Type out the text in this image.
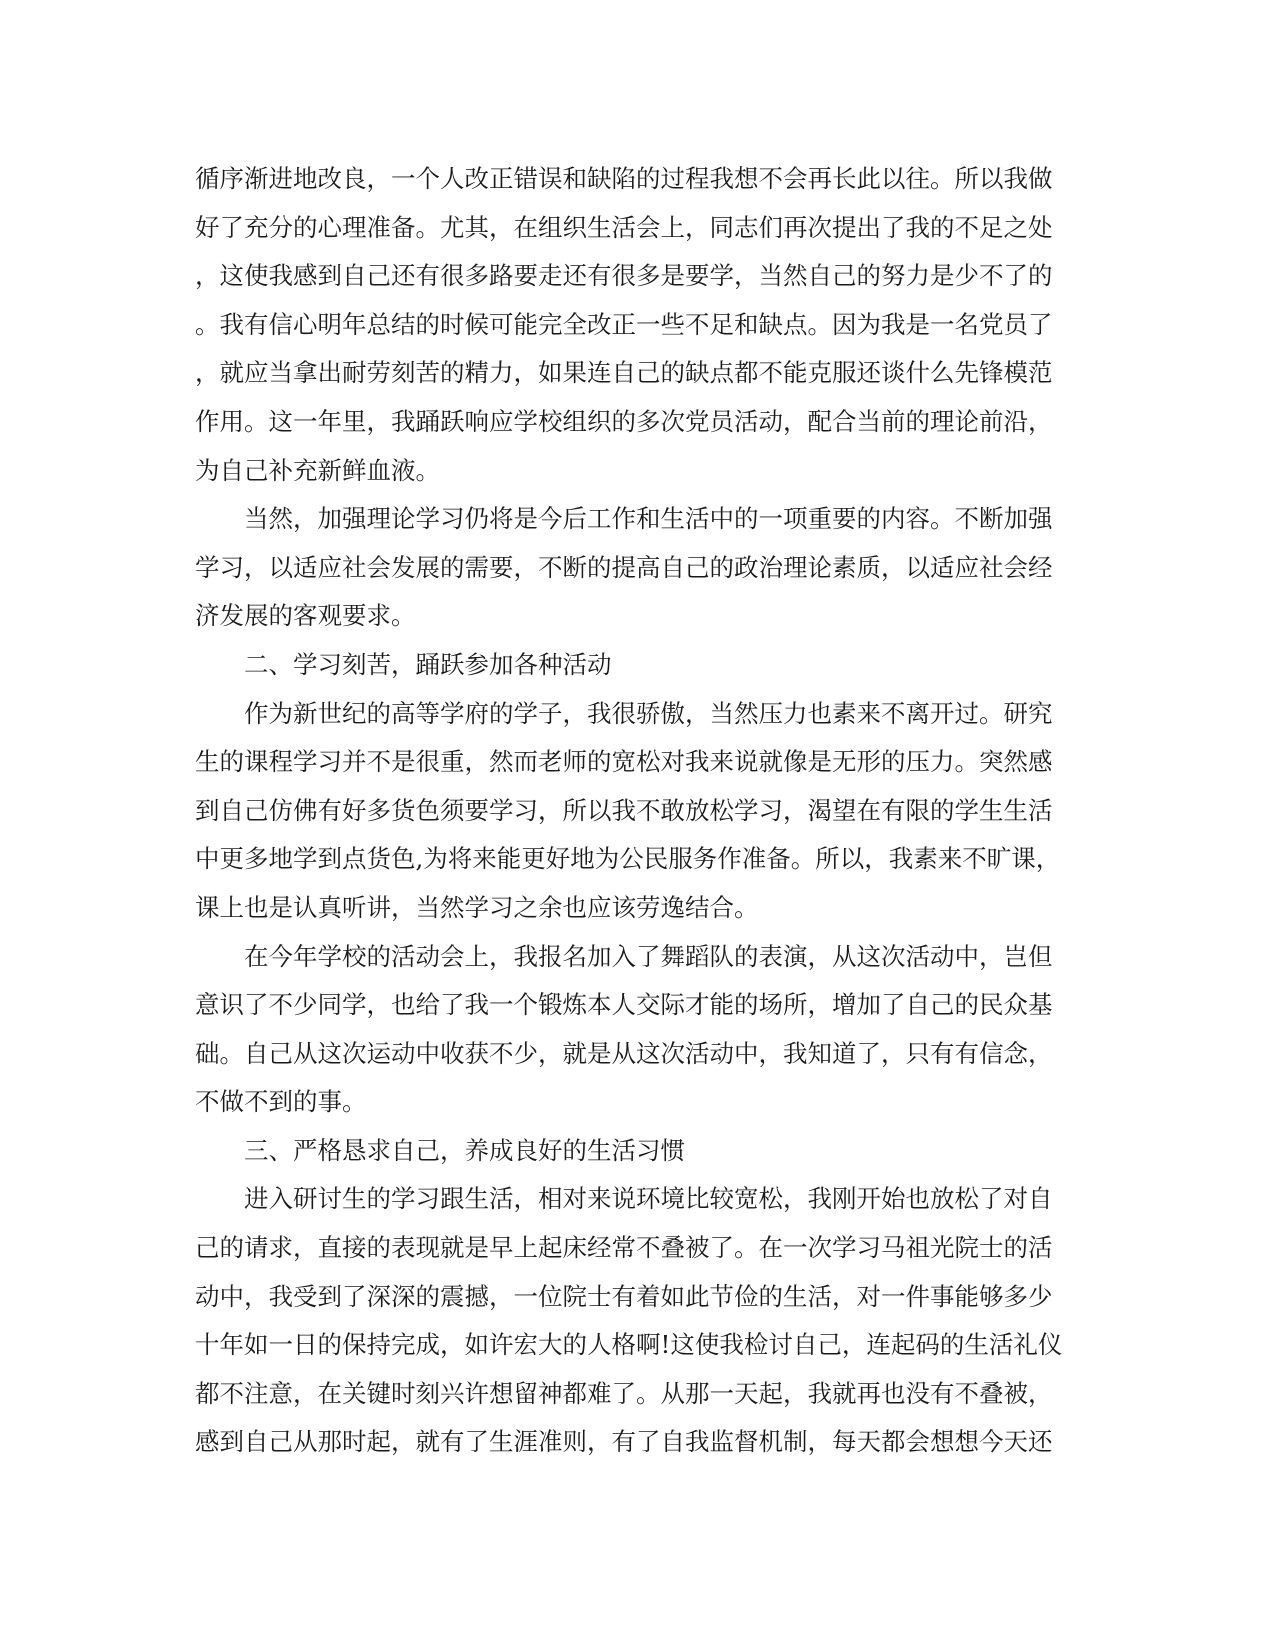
循序渐进地改良，一个人改正错误和缺陷的过程我想不会再长此以往。所以我做
好了充分的心理准备。尤其，在组织生活会上，同志们再次提出了我的不足之处
，这使我感到自己还有很多路要走还有很多是要学，当然自己的努力是少不了的
。我有信心明年总结的时候可能完全改正一些不足和缺点。因为我是一名党员了
，就应当拿出耐劳刻苦的精力，如果连自己的缺点都不能克服还谈什么先锋模范
作用。这一年里，我踊跃响应学校组织的多次党员活动，配合当前的理论前沿，
为自己补充新鲜血液。
当然，加强理论学习仍将是今后工作和生活中的一项重要的内容。不断加强
学习，以适应社会发展的需要，不断的提高自己的政治理论素质，以适应社会经
济发展的客观要求。
二、学习刻苦，踊跃参加各种活动
作为新世纪的高等学府的学子，我很骄傲，当然压力也素来不离开过。研究
生的课程学习并不是很重，然而老师的宽松对我来说就像是无形的压力。突然感
到自己仿佛有好多货色须要学习，所以我不敢放松学习，渴望在有限的学生生活
中更多地学到点货色,为将来能更好地为公民服务作准备。所以，我素来不旷课，
课上也是认真听讲，当然学习之余也应该劳逸结合。
在今年学校的活动会上，我报名加入了舞蹈队的表演，从这次活动中，岂但
意识了不少同学，也给了我一个锻炼本人交际才能的场所，增加了自己的民众基
础。自己从这次运动中收获不少，就是从这次活动中，我知道了，只有有信念，
不做不到的事。
三、严格恳求自己，养成良好的生活习惯
进入研讨生的学习跟生活，相对来说环境比较宽松，我刚开始也放松了对自
己的请求，直接的表现就是早上起床经常不叠被了。在一次学习马祖光院士的活
动中，我受到了深深的震撼，一位院士有着如此节俭的生活，对一件事能够多少
十年如一日的保持完成，如许宏大的人格啊!这使我检讨自己，连起码的生活礼仪
都不注意，在关键时刻兴许想留神都难了。从那一天起，我就再也没有不叠被，
感到自己从那时起，就有了生涯准则，有了自我监督机制，每天都会想想今天还
